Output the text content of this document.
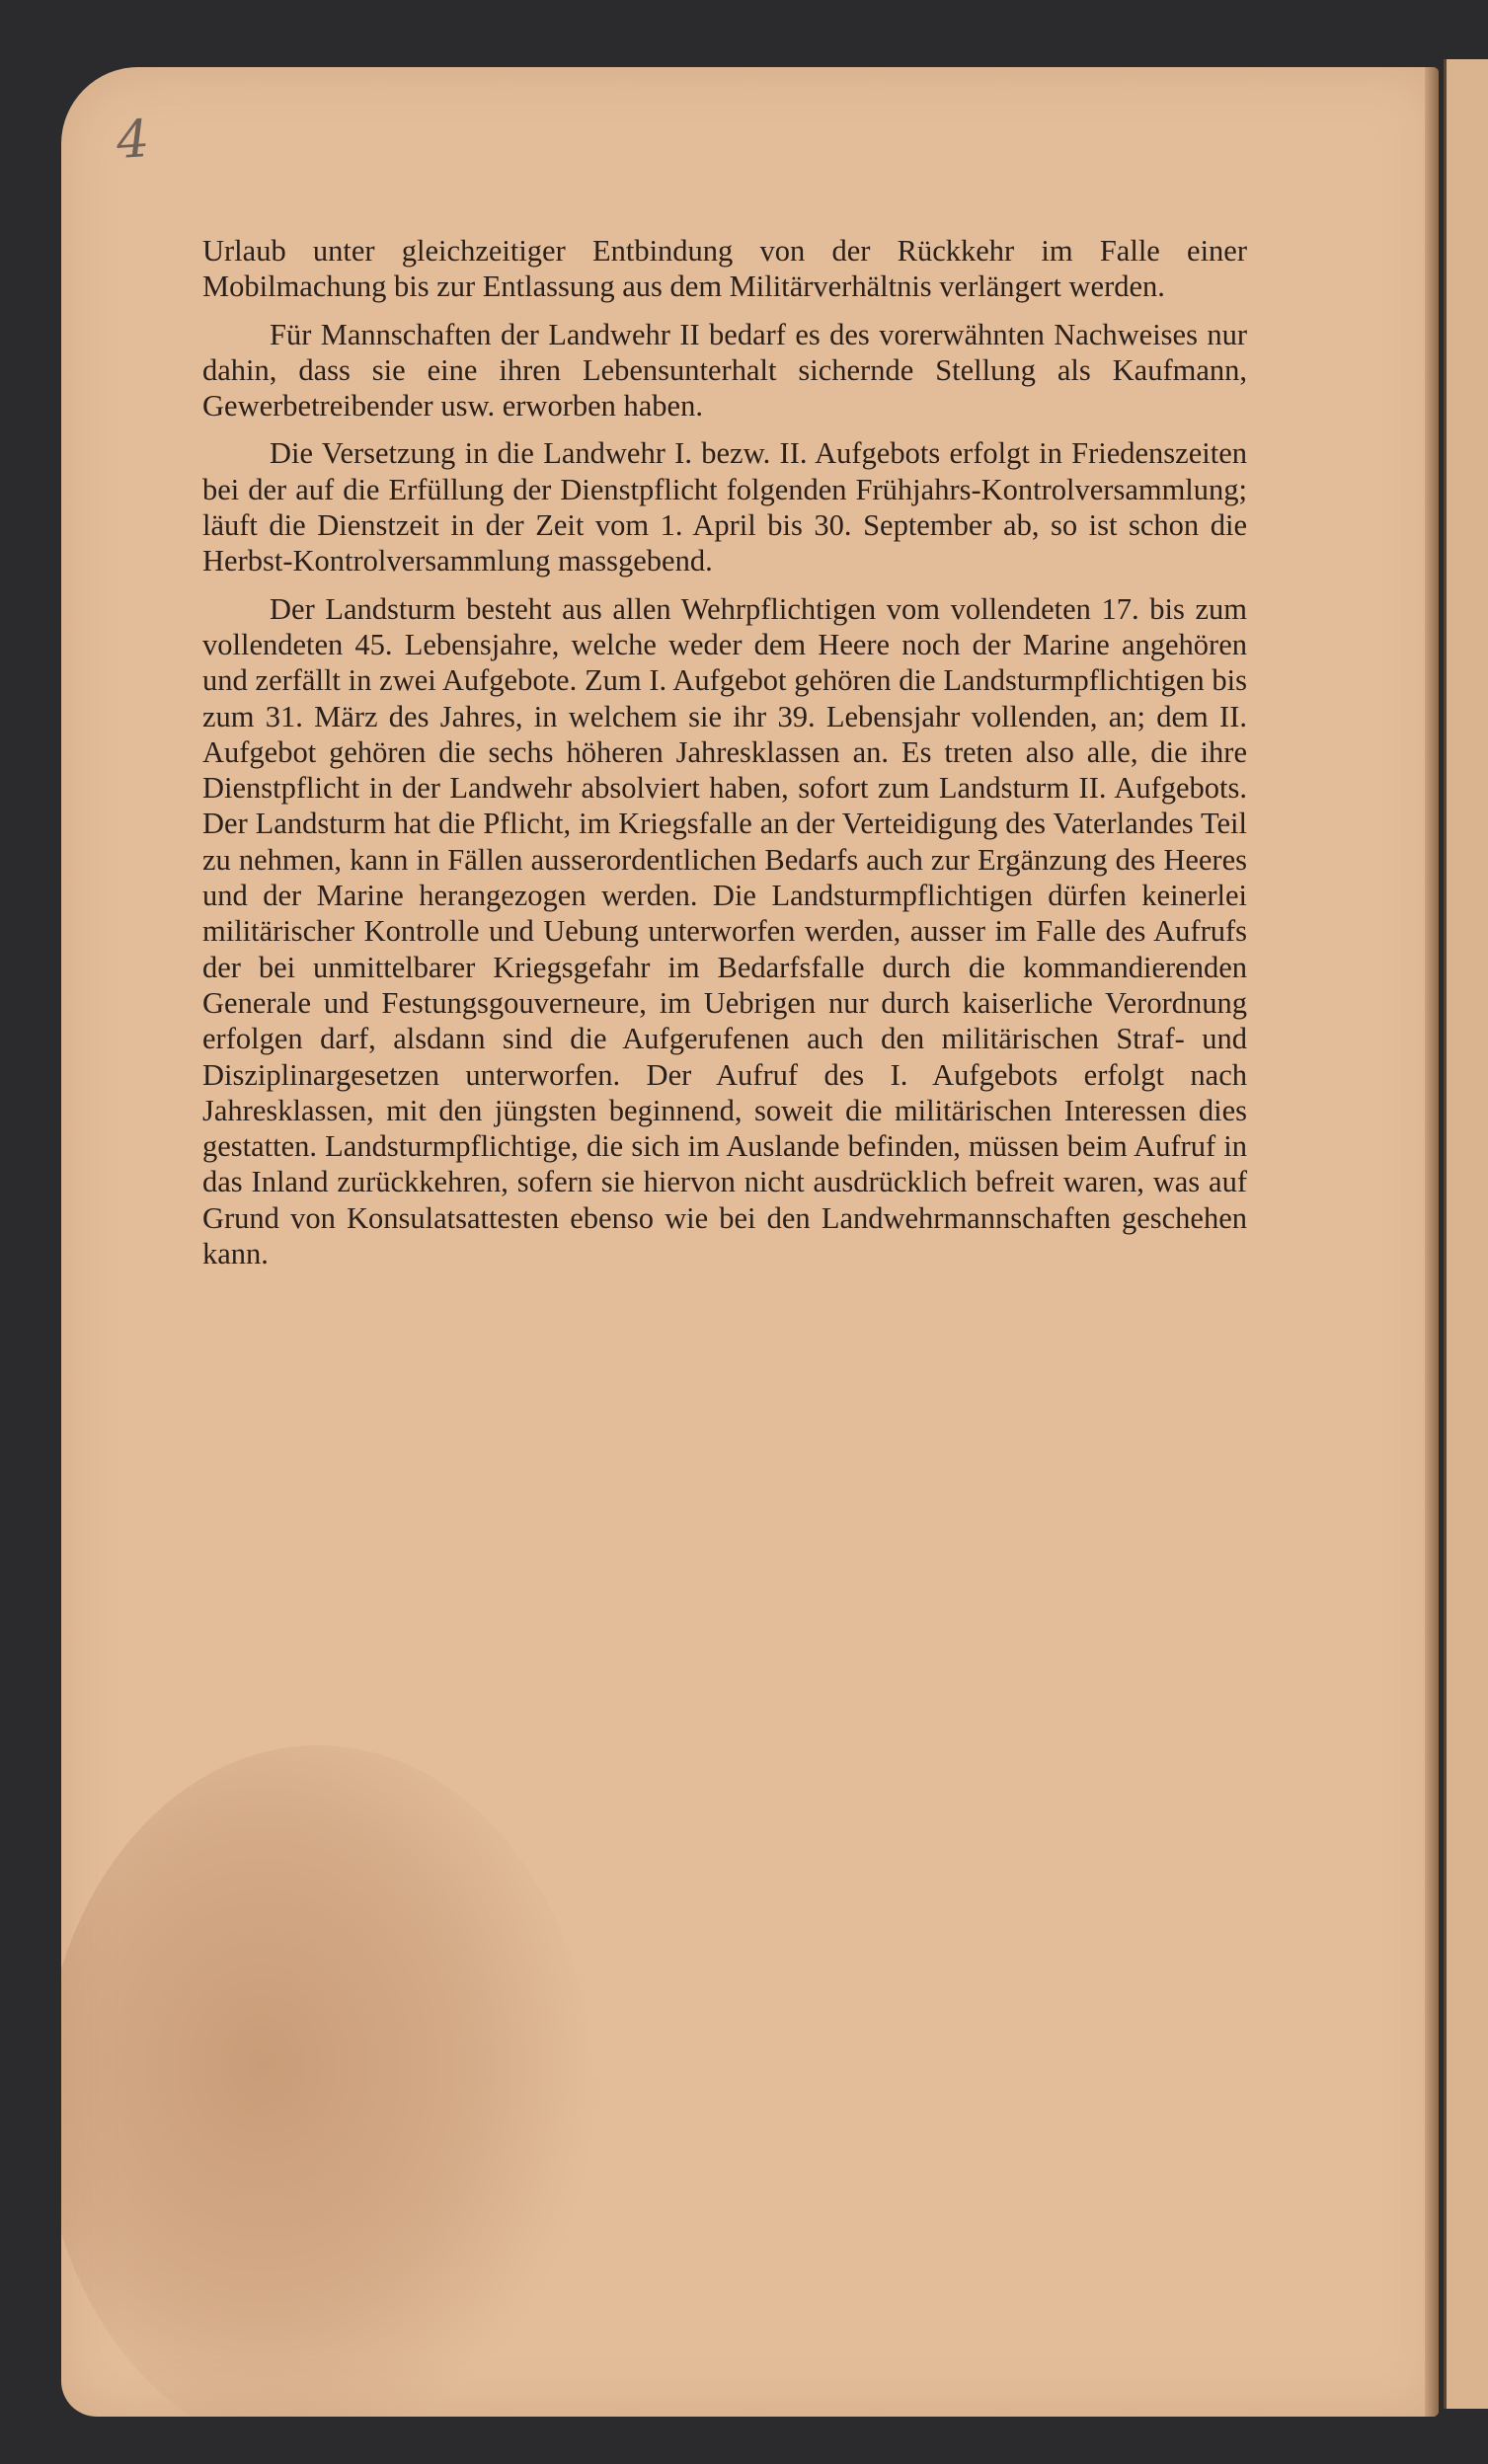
4

Urlaub unter gleichzeitiger Entbindung von der Rückkehr im Falle einer Mobilmachung bis zur Entlassung aus dem Militärverhältnis verlängert werden.

Für Mannschaften der Landwehr II bedarf es des vorerwähnten Nachweises nur dahin, dass sie eine ihren Lebensunterhalt sichernde Stellung als Kaufmann, Gewerbetreibender usw. erworben haben.

Die Versetzung in die Landwehr I. bezw. II. Aufgebots erfolgt in Friedenszeiten bei der auf die Erfüllung der Dienstpflicht folgenden Frühjahrs-Kontrolversammlung; läuft die Dienstzeit in der Zeit vom 1. April bis 30. September ab, so ist schon die Herbst-Kontrolversammlung massgebend.

Der Landsturm besteht aus allen Wehrpflichtigen vom vollendeten 17. bis zum vollendeten 45. Lebensjahre, welche weder dem Heere noch der Marine angehören und zerfällt in zwei Aufgebote. Zum I. Aufgebot gehören die Landsturmpflichtigen bis zum 31. März des Jahres, in welchem sie ihr 39. Lebensjahr vollenden, an; dem II. Aufgebot gehören die sechs höheren Jahresklassen an. Es treten also alle, die ihre Dienstpflicht in der Landwehr absolviert haben, sofort zum Landsturm II. Aufgebots. Der Landsturm hat die Pflicht, im Kriegsfalle an der Verteidigung des Vaterlandes Teil zu nehmen, kann in Fällen ausserordentlichen Bedarfs auch zur Ergänzung des Heeres und der Marine herangezogen werden. Die Landsturmpflichtigen dürfen keinerlei militärischer Kontrolle und Uebung unterworfen werden, ausser im Falle des Aufrufs der bei unmittelbarer Kriegsgefahr im Bedarfsfalle durch die kommandierenden Generale und Festungsgouverneure, im Uebrigen nur durch kaiserliche Verordnung erfolgen darf, alsdann sind die Aufgerufenen auch den militärischen Straf- und Disziplinargesetzen unterworfen. Der Aufruf des I. Aufgebots erfolgt nach Jahresklassen, mit den jüngsten beginnend, soweit die militärischen Interessen dies gestatten. Landsturmpflichtige, die sich im Auslande befinden, müssen beim Aufruf in das Inland zurückkehren, sofern sie hiervon nicht ausdrücklich befreit waren, was auf Grund von Konsulatsattesten ebenso wie bei den Landwehrmannschaften geschehen kann.
